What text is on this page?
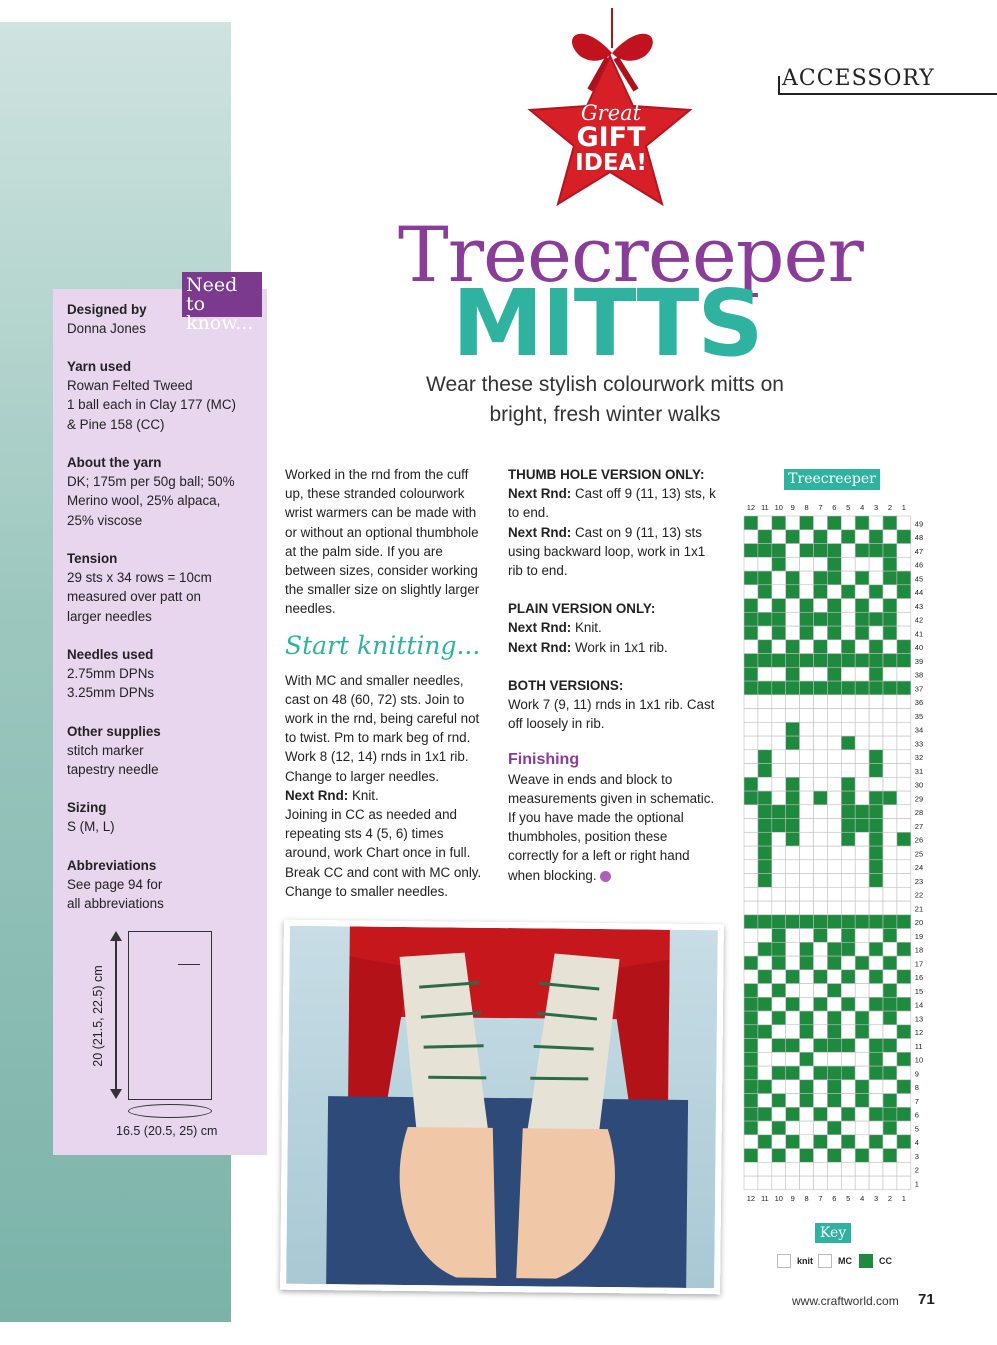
Need to know...
Designed by
Donna Jones
Yarn used
Rowan Felted Tweed
1 ball each in Clay 177 (MC)
& Pine 158 (CC)
About the yarn
DK; 175m per 50g ball; 50%
Merino wool, 25% alpaca,
25% viscose
Tension
29 sts x 34 rows = 10cm
measured over patt on
larger needles
Needles used
2.75mm DPNs
3.25mm DPNs
Other supplies
stitch marker
tapestry needle
Sizing
S (M, L)
Abbreviations
See page 94 for
all abbreviations
20 (21.5, 22.5) cm
16.5 (20.5, 25) cm
Great
GIFT
IDEA!
ACCESSORY
Treecreeper
MITTS
Wear these stylish colourwork mitts on bright, fresh winter walks

Worked in the rnd from the cuff up, these stranded colourwork wrist warmers can be made with or without an optional thumbhole at the palm side. If you are between sizes, consider working the smaller size on slightly larger needles.

Start knitting...

With MC and smaller needles, cast on 48 (60, 72) sts. Join to work in the rnd, being careful not to twist. Pm to mark beg of rnd. Work 8 (12, 14) rnds in 1x1 rib. Change to larger needles.

Next Rnd: Knit.

Joining in CC as needed and repeating sts 4 (5, 6) times around, work Chart once in full. Break CC and cont with MC only. Change to smaller needles.

THUMB HOLE VERSION ONLY:

Next Rnd: Cast off 9 (11, 13) sts, k to end.

Next Rnd: Cast on 9 (11, 13) sts using backward loop, work in 1x1 rib to end.

PLAIN VERSION ONLY:

Next Rnd: Knit.

Next Rnd: Work in 1x1 rib.

BOTH VERSIONS:

Work 7 (9, 11) rnds in 1x1 rib. Cast off loosely in rib.

Finishing

Weave in ends and block to measurements given in schematic. If you have made the optional thumbholes, position these correctly for a left or right hand when blocking.

Treecreeper
1
2
3
4
5
6
7
8
9
10
11
12
13
14
15
16
17
18
19
20
21
22
23
24
25
26
27
28
29
30
31
32
33
34
35
36
37
38
39
40
41
42
43
44
45
46
47
48
49
12
12
11
11
10
10
9
9
8
8
7
7
6
6
5
5
4
4
3
3
2
2
1
1
Key
knit	MC	CC
www.craftworld.com 71
